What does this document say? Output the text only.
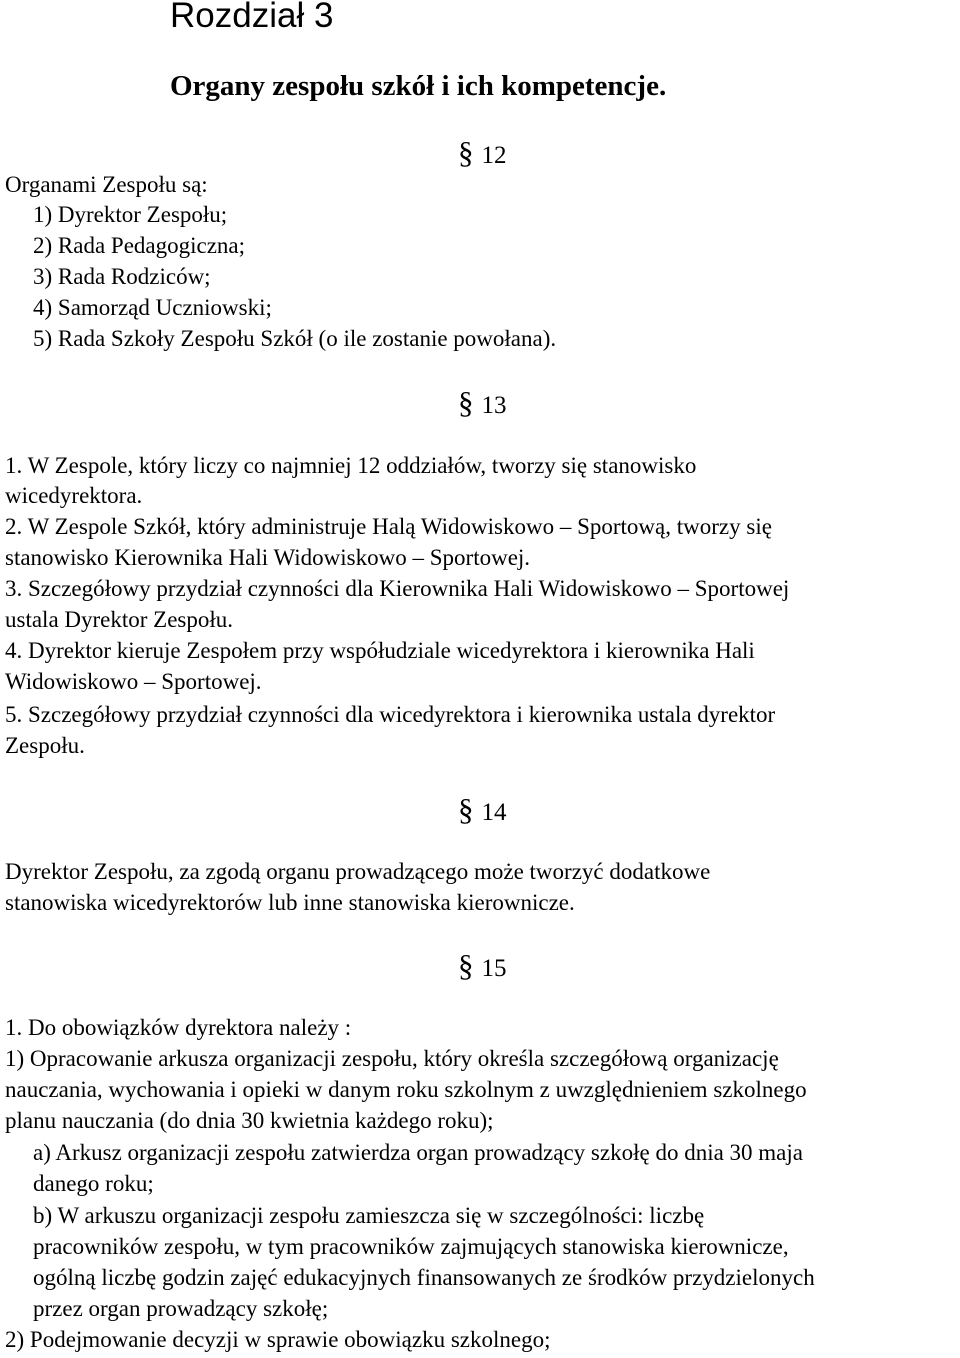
Rozdział 3
Organy zespołu szkół i ich kompetencje.
§ 12
Organami Zespołu są:
1) Dyrektor Zespołu;
2) Rada Pedagogiczna;
3) Rada Rodziców;
4) Samorząd Uczniowski;
5) Rada Szkoły Zespołu Szkół (o ile zostanie powołana).
§ 13
1. W Zespole, który liczy co najmniej 12 oddziałów, tworzy się stanowisko
wicedyrektora.
2. W Zespole Szkół, który administruje Halą Widowiskowo – Sportową, tworzy się
stanowisko Kierownika Hali Widowiskowo – Sportowej.
3. Szczegółowy przydział czynności dla Kierownika Hali Widowiskowo – Sportowej
ustala Dyrektor Zespołu.
4. Dyrektor kieruje Zespołem przy współudziale wicedyrektora i kierownika Hali
Widowiskowo – Sportowej.
5. Szczegółowy przydział czynności dla wicedyrektora i kierownika ustala dyrektor
Zespołu.
§ 14
Dyrektor Zespołu, za zgodą organu prowadzącego może tworzyć dodatkowe
stanowiska wicedyrektorów lub inne stanowiska kierownicze.
§ 15
1. Do obowiązków dyrektora należy :
1) Opracowanie arkusza organizacji zespołu, który określa szczegółową organizację
nauczania, wychowania i opieki w danym roku szkolnym z uwzględnieniem szkolnego
planu nauczania (do dnia 30 kwietnia każdego roku);
a) Arkusz organizacji zespołu zatwierdza organ prowadzący szkołę do dnia 30 maja
danego roku;
b) W arkuszu organizacji zespołu zamieszcza się w szczególności: liczbę
pracowników zespołu, w tym pracowników zajmujących stanowiska kierownicze,
ogólną liczbę godzin zajęć edukacyjnych finansowanych ze środków przydzielonych
przez organ prowadzący szkołę;
2) Podejmowanie decyzji w sprawie obowiązku szkolnego;
